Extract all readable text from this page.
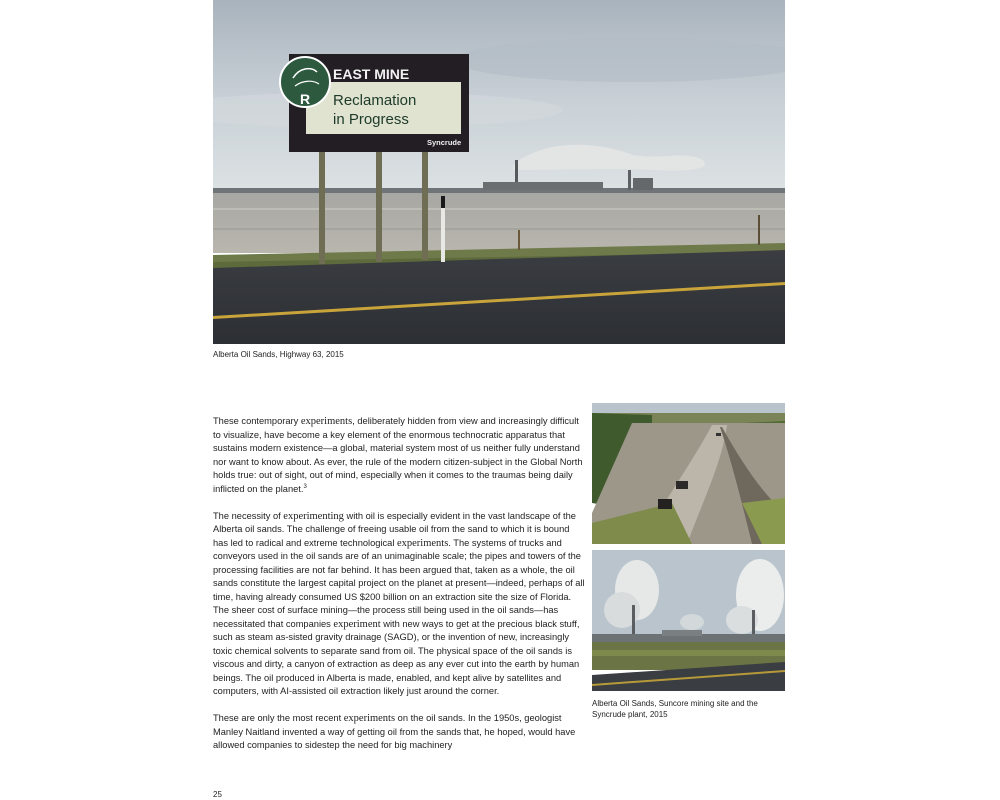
R
EAST MINE
Reclamation
in Progress
Syncrude
Alberta Oil Sands, Highway 63, 2015

These contemporary experiments, deliberately hidden from view and increasingly difficult to visualize, have become a key element of the enormous technocratic apparatus that sustains modern existence—a global, material system most of us neither fully understand nor want to know about. As ever, the rule of the modern citizen-subject in the Global North holds true: out of sight, out of mind, especially when it comes to the traumas being daily inflicted on the planet.$^3$

The necessity of experimenting with oil is especially evident in the vast landscape of the Alberta oil sands. The challenge of freeing usable oil from the sand to which it is bound has led to radical and extreme technological experiments. The systems of trucks and conveyors used in the oil sands are of an unimaginable scale; the pipes and towers of the processing facilities are not far behind. It has been argued that, taken as a whole, the oil sands constitute the largest capital project on the planet at present—indeed, perhaps of all time, having already consumed US $200 billion on an extraction site the size of Florida. The sheer cost of surface mining—the process still being used in the oil sands—has necessitated that companies experiment with new ways to get at the precious black stuff, such as steam as-sisted gravity drainage (SAGD), or the invention of new, increasingly toxic chemical solvents to separate sand from oil. The physical space of the oil sands is viscous and dirty, a canyon of extraction as deep as any ever cut into the earth by human beings. The oil produced in Alberta is made, enabled, and kept alive by satellites and computers, with AI-assisted oil extraction likely just around the corner.

These are only the most recent experiments on the oil sands. In the 1950s, geologist Manley Naitland invented a way of getting oil from the sands that, he hoped, would have allowed companies to sidestep the need for big machinery

Alberta Oil Sands, Suncore mining site and the Syncrude plant, 2015
25
